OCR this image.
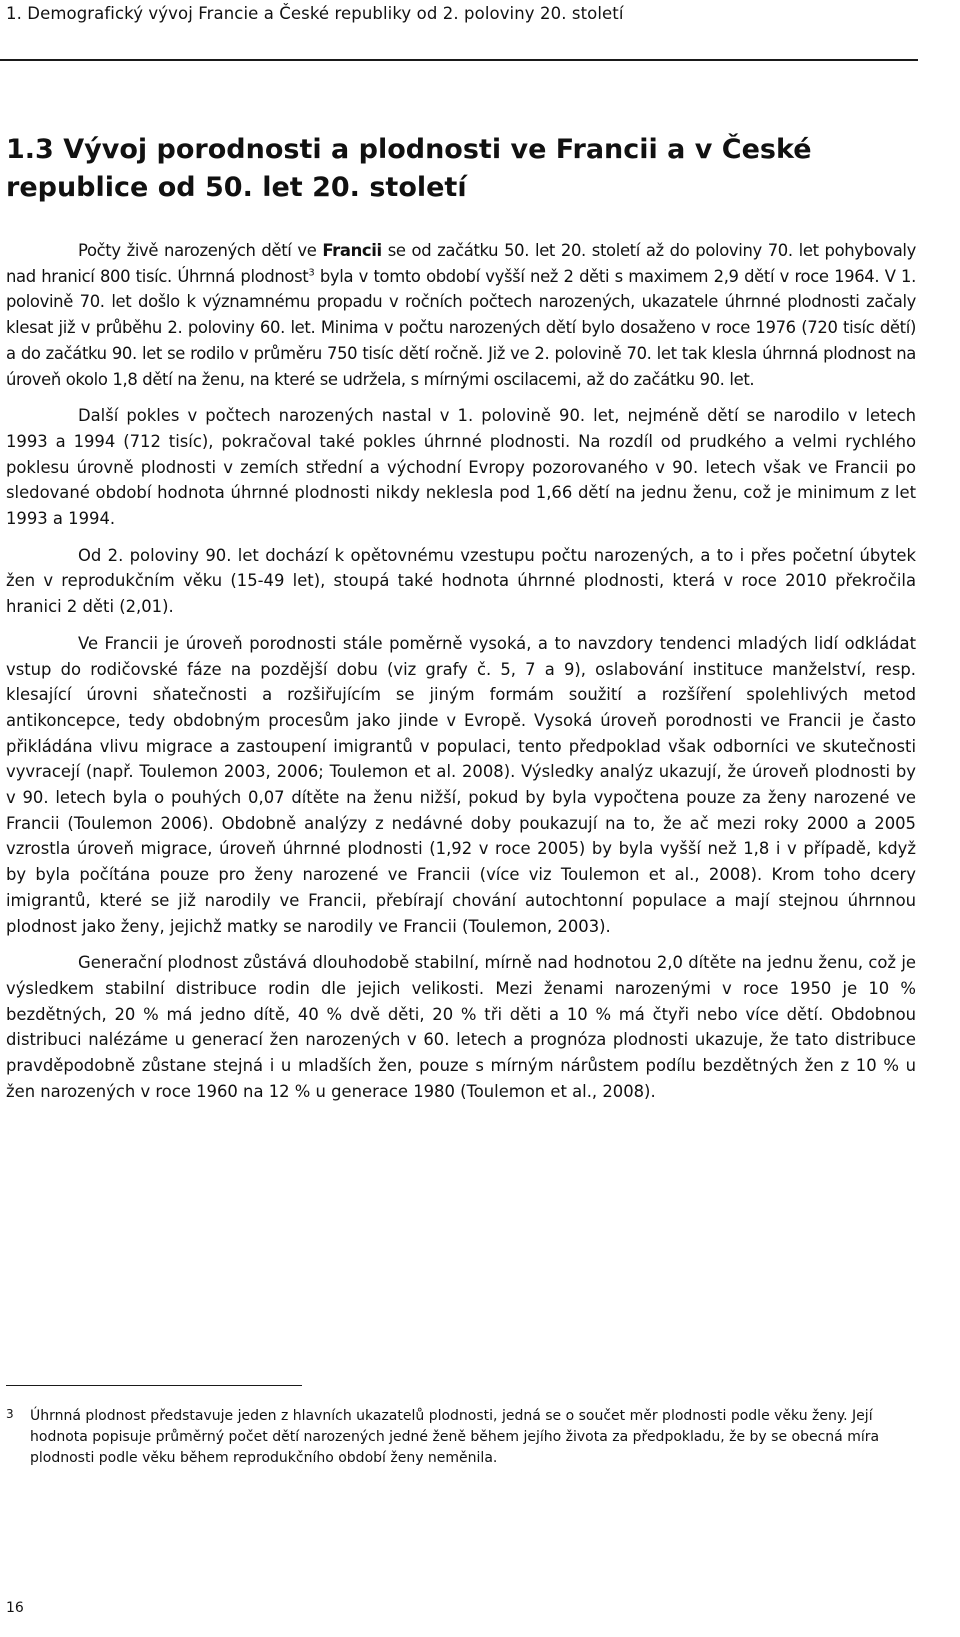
1. Demografický vývoj Francie a České republiky od 2. poloviny 20. století
1.3 Vývoj porodnosti a plodnosti ve Francii a v České republice od 50. let 20. století

Počty živě narozených dětí ve Francii se od začátku 50. let 20. století až do poloviny 70. let pohybovaly nad hranicí 800 tisíc. Úhrnná plodnost$^3$ byla v tomto období vyšší než 2 děti s maximem 2,9 dětí v roce 1964. V 1. polovině 70. let došlo k významnému propadu v ročních počtech narozených, ukazatele úhrnné plodnosti začaly klesat již v průběhu 2. poloviny 60. let. Minima v počtu narozených dětí bylo dosaženo v roce 1976 (720 tisíc dětí) a do začátku 90. let se rodilo v průměru 750 tisíc dětí ročně. Již ve 2. polovině 70. let tak klesla úhrnná plodnost na úroveň okolo 1,8 dětí na ženu, na které se udržela, s mírnými oscilacemi, až do začátku 90. let.

Další pokles v počtech narozených nastal v 1. polovině 90. let, nejméně dětí se narodilo v letech 1993 a 1994 (712 tisíc), pokračoval také pokles úhrnné plodnosti. Na rozdíl od prudkého a velmi rychlého poklesu úrovně plodnosti v zemích střední a východní Evropy pozorovaného v 90. letech však ve Francii po sledované období hodnota úhrnné plodnosti nikdy neklesla pod 1,66 dětí na jednu ženu, což je minimum z let 1993 a 1994.

Od 2. poloviny 90. let dochází k opětovnému vzestupu počtu narozených, a to i přes početní úbytek žen v reprodukčním věku (15-49 let), stoupá také hodnota úhrnné plodnosti, která v roce 2010 překročila hranici 2 děti (2,01).

Ve Francii je úroveň porodnosti stále poměrně vysoká, a to navzdory tendenci mladých lidí odkládat vstup do rodičovské fáze na pozdější dobu (viz grafy č. 5, 7 a 9), oslabování instituce manželství, resp. klesající úrovni sňatečnosti a rozšiřujícím se jiným formám soužití a rozšíření spolehlivých metod antikoncepce, tedy obdobným procesům jako jinde v Evropě. Vysoká úroveň porodnosti ve Francii je často přikládána vlivu migrace a zastoupení imigrantů v populaci, tento předpoklad však odborníci ve skutečnosti vyvracejí (např. Toulemon 2003, 2006; Toulemon et al. 2008). Výsledky analýz ukazují, že úroveň plodnosti by v 90. letech byla o pouhých 0,07 dítěte na ženu nižší, pokud by byla vypočtena pouze za ženy narozené ve Francii (Toulemon 2006). Obdobně analýzy z nedávné doby poukazují na to, že ač mezi roky 2000 a 2005 vzrostla úroveň migrace, úroveň úhrnné plodnosti (1,92 v roce 2005) by byla vyšší než 1,8 i v případě, když by byla počítána pouze pro ženy narozené ve Francii (více viz Toulemon et al., 2008). Krom toho dcery imigrantů, které se již narodily ve Francii, přebírají chování autochtonní populace a mají stejnou úhrnnou plodnost jako ženy, jejichž matky se narodily ve Francii (Toulemon, 2003).

Generační plodnost zůstává dlouhodobě stabilní, mírně nad hodnotou 2,0 dítěte na jednu ženu, což je výsledkem stabilní distribuce rodin dle jejich velikosti. Mezi ženami narozenými v roce 1950 je 10 % bezdětných, 20 % má jedno dítě, 40 % dvě děti, 20 % tři děti a 10 % má čtyři nebo více dětí. Obdobnou distribuci nalézáme u generací žen narozených v 60. letech a prognóza plodnosti ukazuje, že tato distribuce pravděpodobně zůstane stejná i u mladších žen, pouze s mírným nárůstem podílu bezdětných žen z 10 % u žen narozených v roce 1960 na 12 % u generace 1980 (Toulemon et al., 2008).

3 Úhrnná plodnost představuje jeden z hlavních ukazatelů plodnosti, jedná se o součet měr plodnosti podle věku ženy. Její hodnota popisuje průměrný počet dětí narozených jedné ženě během jejího života za předpokladu, že by se obecná míra plodnosti podle věku během reprodukčního období ženy neměnila.

16
